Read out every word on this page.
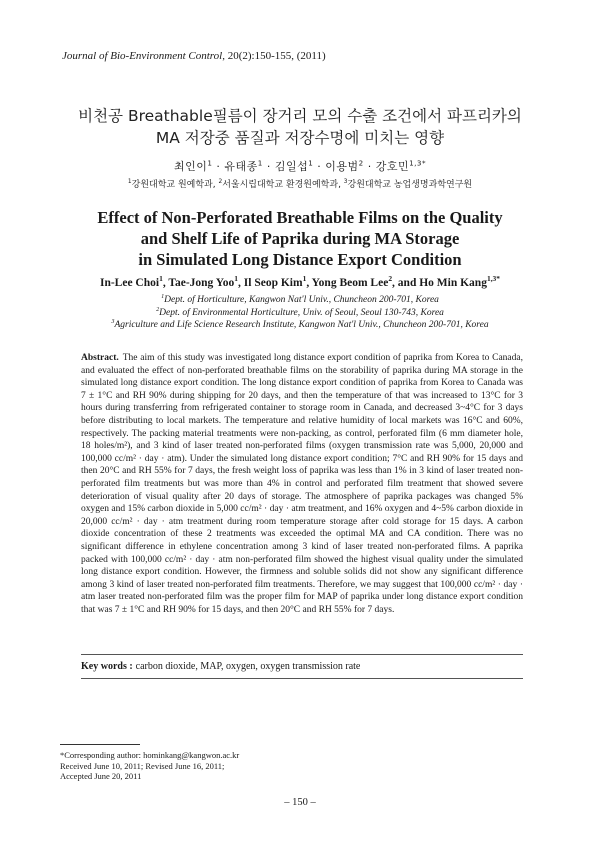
Journal of Bio-Environment Control, 20(2):150-155, (2011)
비천공 Breathable필름이 장거리 모의 수출 조건에서 파프리카의
MA 저장중 품질과 저장수명에 미치는 영향
최인이$^1$ · 유태종$^1$ · 김일섭$^1$ · 이용범$^2$ · 강호민$^{1,3*}$
$^1$강원대학교 원예학과, $^2$서울시립대학교 환경원예학과, $^3$강원대학교 농업생명과학연구원
Effect of Non-Perforated Breathable Films on the Quality
and Shelf Life of Paprika during MA Storage
in Simulated Long Distance Export Condition
In-Lee Choi$^1$, Tae-Jong Yoo$^1$, Il Seop Kim$^1$, Yong Beom Lee$^2$, and Ho Min Kang$^{1,3*}$
$^1$Dept. of Horticulture, Kangwon Nat'l Univ., Chuncheon 200-701, Korea
$^2$Dept. of Environmental Horticulture, Univ. of Seoul, Seoul 130-743, Korea
$^3$Agriculture and Life Science Research Institute, Kangwon Nat'l Univ., Chuncheon 200-701, Korea
Abstract. The aim of this study was investigated long distance export condition of paprika from Korea to Canada, and evaluated the effect of non-perforated breathable films on the storability of paprika during MA storage in the simulated long distance export condition. The long distance export condition of paprika from Korea to Canada was 7 ± 1°C and RH 90% during shipping for 20 days, and then the temperature of that was increased to 13°C for 3 hours during transferring from refrigerated container to storage room in Canada, and decreased 3~4°C for 3 days before distributing to local markets. The temperature and relative humidity of local markets was 16°C and 60%, respectively. The packing material treatments were non-packing, as control, perforated film (6 mm diameter hole, 18 holes/m²), and 3 kind of laser treated non-perforated films (oxygen transmission rate was 5,000, 20,000 and 100,000 cc/m² · day · atm). Under the simulated long distance export condition; 7°C and RH 90% for 15 days and then 20°C and RH 55% for 7 days, the fresh weight loss of paprika was less than 1% in 3 kind of laser treated non-perforated film treatments but was more than 4% in control and perforated film treatment that showed severe deterioration of visual quality after 20 days of storage. The atmosphere of paprika packages was changed 5% oxygen and 15% carbon dioxide in 5,000 cc/m² · day · atm treatment, and 16% oxygen and 4~5% carbon dioxide in 20,000 cc/m² · day · atm treatment during room temperature storage after cold storage for 15 days. A carbon dioxide concentration of these 2 treatments was exceeded the optimal MA and CA condition. There was no significant difference in ethylene concentration among 3 kind of laser treated non-perforated films. A paprika packed with 100,000 cc/m² · day · atm non-perforated film showed the highest visual quality under the simulated long distance export condition. However, the firmness and soluble solids did not show any significant difference among 3 kind of laser treated non-perforated film treatments. Therefore, we may suggest that 100,000 cc/m² · day · atm laser treated non-perforated film was the proper film for MAP of paprika under long distance export condition that was 7 ± 1°C and RH 90% for 15 days, and then 20°C and RH 55% for 7 days.
Key words : carbon dioxide, MAP, oxygen, oxygen transmission rate
*Corresponding author: hominkang@kangwon.ac.kr
Received June 10, 2011; Revised June 16, 2011;
Accepted June 20, 2011
– 150 –
